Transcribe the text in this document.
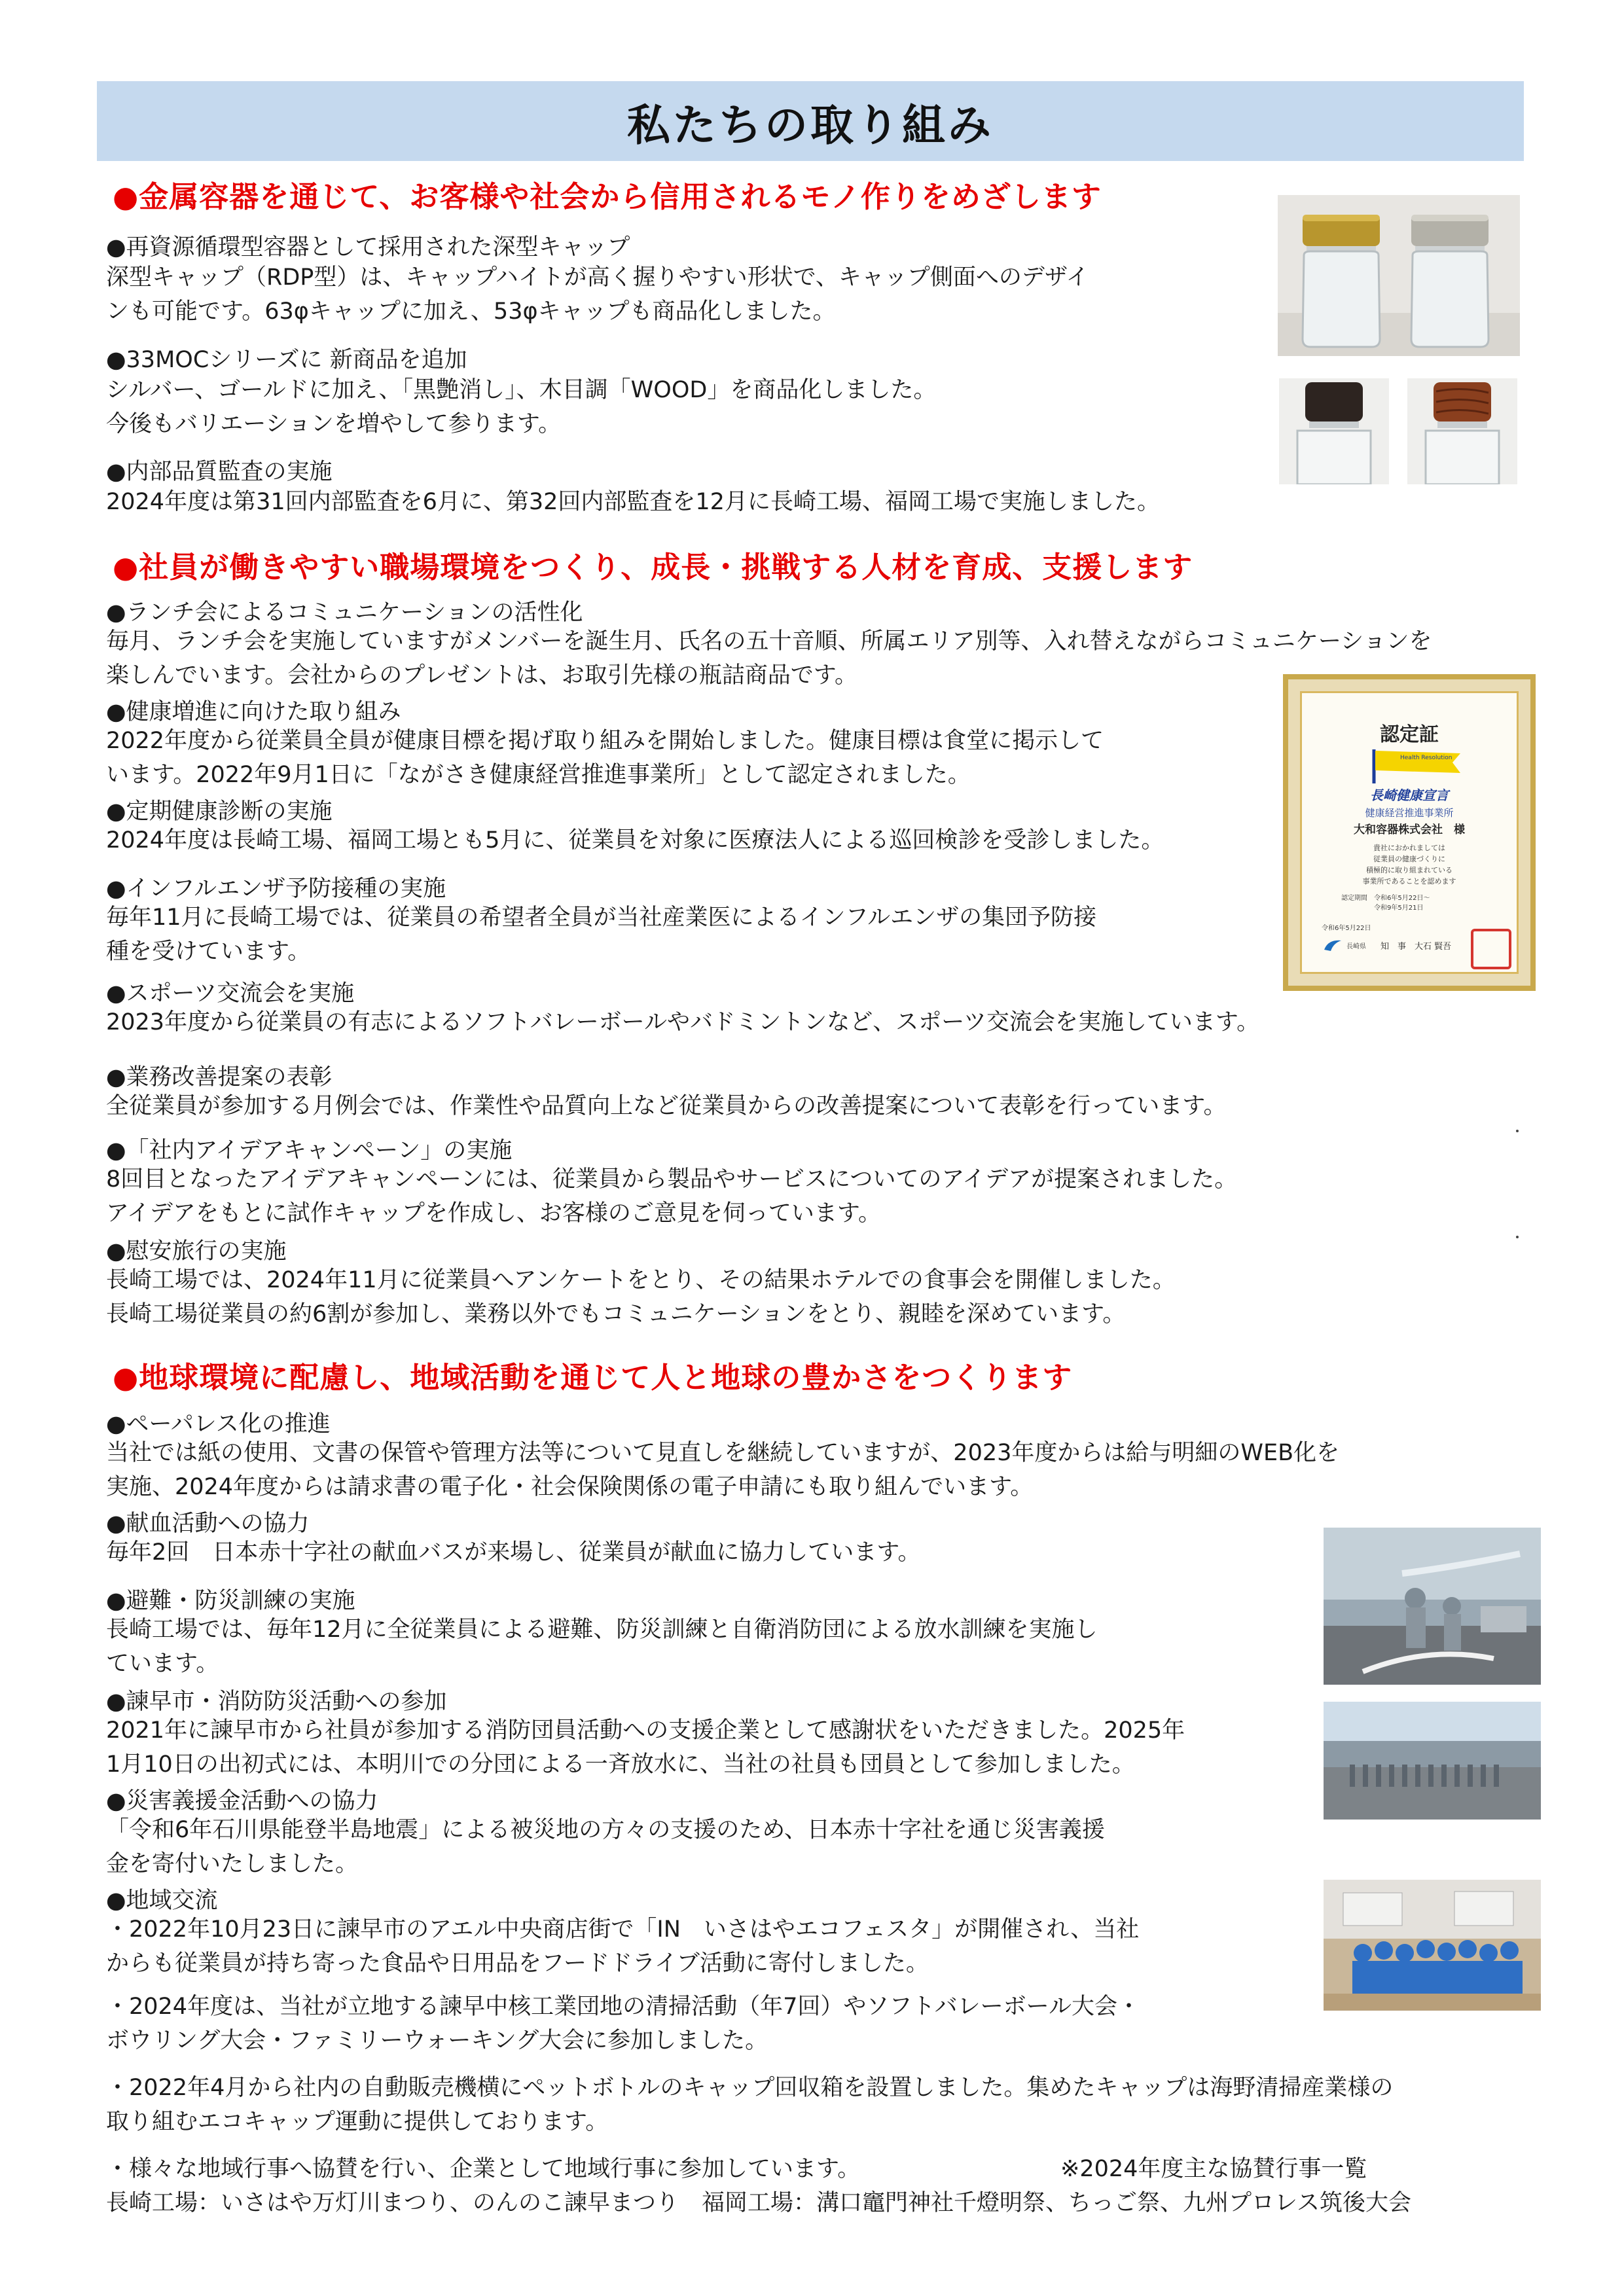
私たちの取り組み
●金属容器を通じて、お客様や社会から信用されるモノ作りをめざします
●再資源循環型容器として採用された深型キャップ
深型キャップ（RDP型）は、キャップハイトが高く握りやすい形状で、キャップ側面へのデザイ
ンも可能です。63φキャップに加え、53φキャップも商品化しました。
●33MOCシリーズに 新商品を追加
シルバー、ゴールドに加え、「黒艶消し」、木目調「WOOD」を商品化しました。
今後もバリエーションを増やして参ります。
●内部品質監査の実施
2024年度は第31回内部監査を6月に、第32回内部監査を12月に長崎工場、福岡工場で実施しました。
●社員が働きやすい職場環境をつくり、成長・挑戦する人材を育成、支援します
●ランチ会によるコミュニケーションの活性化
毎月、ランチ会を実施していますがメンバーを誕生月、氏名の五十音順、所属エリア別等、入れ替えながらコミュニケーションを
楽しんでいます。会社からのプレゼントは、お取引先様の瓶詰商品です。
●健康増進に向けた取り組み
2022年度から従業員全員が健康目標を掲げ取り組みを開始しました。健康目標は食堂に掲示して
います。2022年9月1日に「ながさき健康経営推進事業所」として認定されました。
●定期健康診断の実施
2024年度は長崎工場、福岡工場とも5月に、従業員を対象に医療法人による巡回検診を受診しました。
●インフルエンザ予防接種の実施
毎年11月に長崎工場では、従業員の希望者全員が当社産業医によるインフルエンザの集団予防接
種を受けています。
●スポーツ交流会を実施
2023年度から従業員の有志によるソフトバレーボールやバドミントンなど、スポーツ交流会を実施しています。
●業務改善提案の表彰
全従業員が参加する月例会では、作業性や品質向上など従業員からの改善提案について表彰を行っています。
●「社内アイデアキャンペーン」の実施
8回目となったアイデアキャンペーンには、従業員から製品やサービスについてのアイデアが提案されました。
アイデアをもとに試作キャップを作成し、お客様のご意見を伺っています。
●慰安旅行の実施
長崎工場では、2024年11月に従業員へアンケートをとり、その結果ホテルでの食事会を開催しました。
長崎工場従業員の約6割が参加し、業務以外でもコミュニケーションをとり、親睦を深めています。
認定証
Health Resolution
長崎健康宣言
健康経営推進事業所
大和容器株式会社　様
貴社におかれましては
従業員の健康づくりに
積極的に取り組まれている
事業所であることを認めます
認定期間　令和6年5月22日～
　　　　　令和9年5月21日
令和6年5月22日
長崎県 知　事　大石 賢吾
●地球環境に配慮し、地域活動を通じて人と地球の豊かさをつくります
●ペーパレス化の推進
当社では紙の使用、文書の保管や管理方法等について見直しを継続していますが、2023年度からは給与明細のWEB化を
実施、2024年度からは請求書の電子化・社会保険関係の電子申請にも取り組んでいます。
●献血活動への協力
毎年2回　日本赤十字社の献血バスが来場し、従業員が献血に協力しています。
●避難・防災訓練の実施
長崎工場では、毎年12月に全従業員による避難、防災訓練と自衛消防団による放水訓練を実施し
ています。
●諫早市・消防防災活動への参加
2021年に諫早市から社員が参加する消防団員活動への支援企業として感謝状をいただきました。2025年
1月10日の出初式には、本明川での分団による一斉放水に、当社の社員も団員として参加しました。
●災害義援金活動への協力
「令和6年石川県能登半島地震」による被災地の方々の支援のため、日本赤十字社を通じ災害義援
金を寄付いたしました。
●地域交流
・2022年10月23日に諫早市のアエル中央商店街で「IN　いさはやエコフェスタ」が開催され、当社
からも従業員が持ち寄った食品や日用品をフードドライブ活動に寄付しました。
・2024年度は、当社が立地する諫早中核工業団地の清掃活動（年7回）やソフトバレーボール大会・
ボウリング大会・ファミリーウォーキング大会に参加しました。
・2022年4月から社内の自動販売機横にペットボトルのキャップ回収箱を設置しました。集めたキャップは海野清掃産業様の
取り組むエコキャップ運動に提供しております。
・様々な地域行事へ協賛を行い、企業として地域行事に参加しています。	※2024年度主な協賛行事一覧
長崎工場：いさはや万灯川まつり、のんのこ諫早まつり　福岡工場：溝口竈門神社千燈明祭、ちっご祭、九州プロレス筑後大会
